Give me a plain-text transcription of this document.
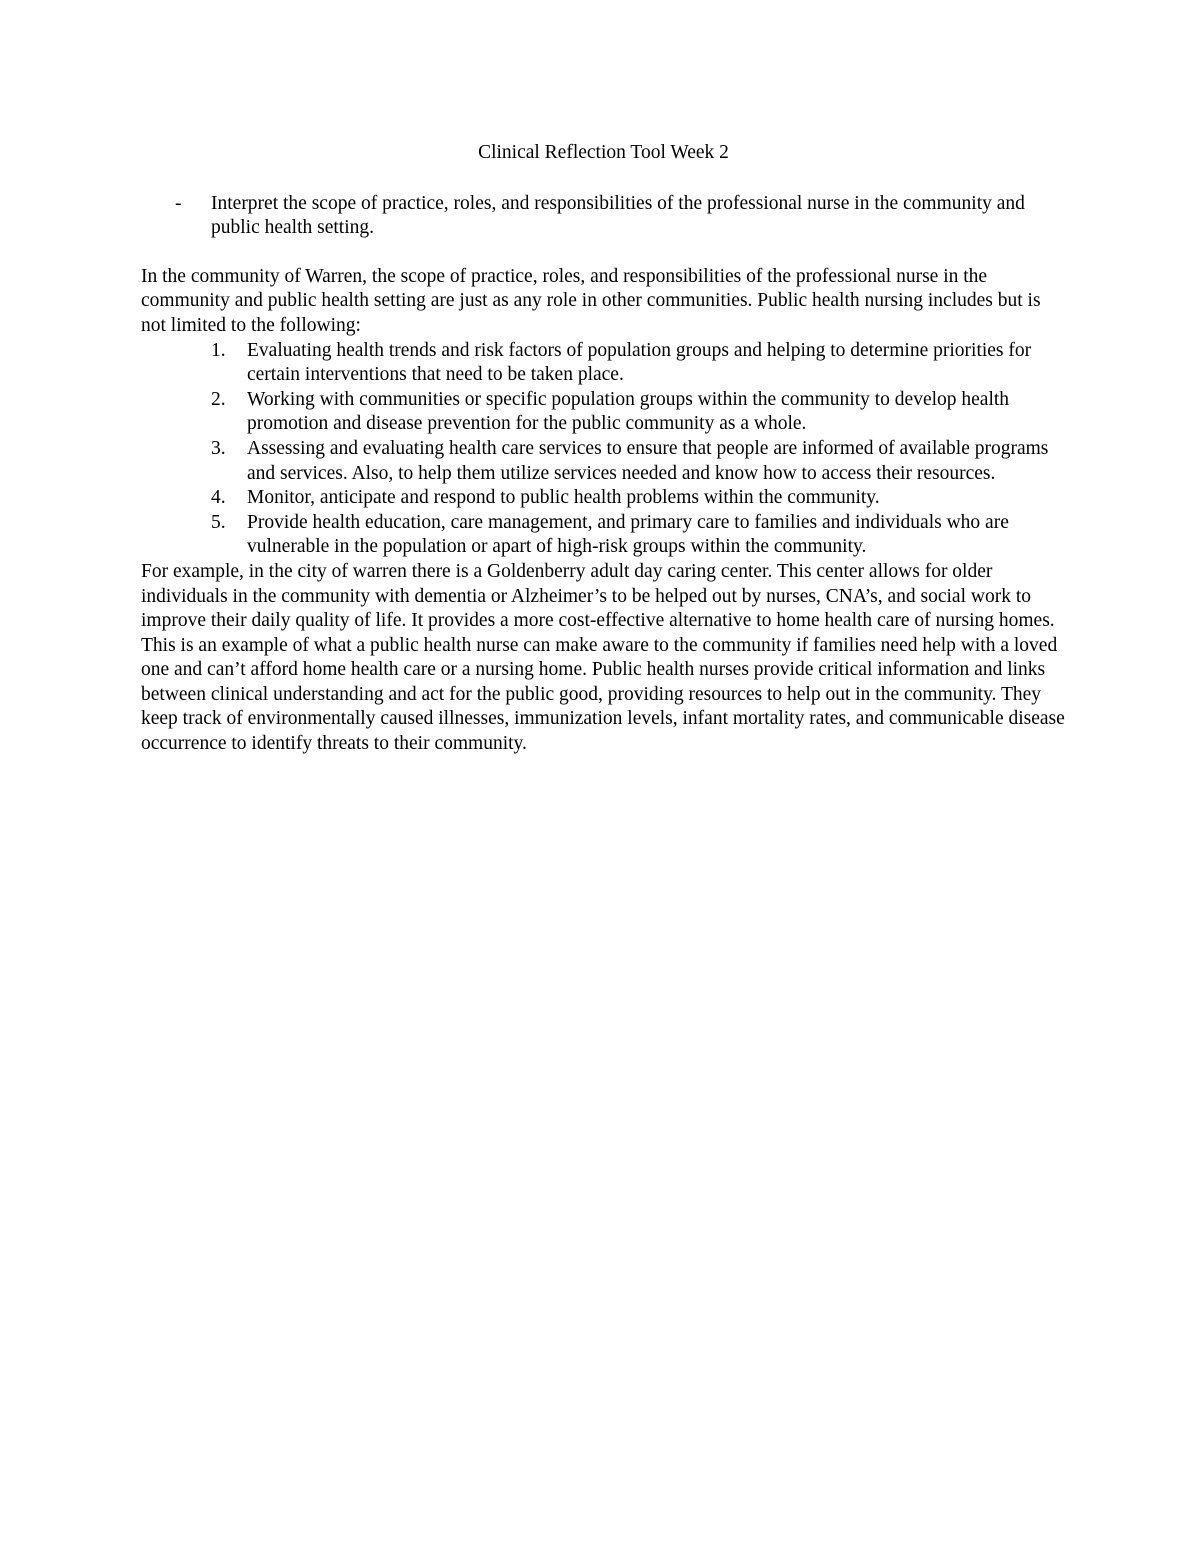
Clinical Reflection Tool Week 2
- Interpret the scope of practice, roles, and responsibilities of the professional nurse in the community and public health setting.

In the community of Warren, the scope of practice, roles, and responsibilities of the professional nurse in the community and public health setting are just as any role in other communities. Public health nursing includes but is not limited to the following:

1. Evaluating health trends and risk factors of population groups and helping to determine priorities for certain interventions that need to be taken place.
2. Working with communities or specific population groups within the community to develop health promotion and disease prevention for the public community as a whole.
3. Assessing and evaluating health care services to ensure that people are informed of available programs and services. Also, to help them utilize services needed and know how to access their resources.
4. Monitor, anticipate and respond to public health problems within the community.
5. Provide health education, care management, and primary care to families and individuals who are vulnerable in the population or apart of high-risk groups within the community.

For example, in the city of warren there is a Goldenberry adult day caring center. This center allows for older individuals in the community with dementia or Alzheimer’s to be helped out by nurses, CNA’s, and social work to improve their daily quality of life. It provides a more cost-effective alternative to home health care of nursing homes. This is an example of what a public health nurse can make aware to the community if families need help with a loved one and can’t afford home health care or a nursing home. Public health nurses provide critical information and links between clinical understanding and act for the public good, providing resources to help out in the community. They keep track of environmentally caused illnesses, immunization levels, infant mortality rates, and communicable disease occurrence to identify threats to their community.
